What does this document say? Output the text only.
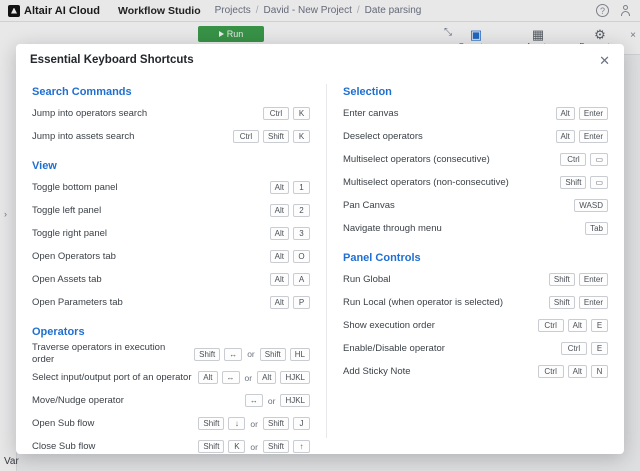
Altair AI Cloud Workflow Studio Projects / David - New Project / Date parsing	?
Run	⤡	▣	▦	⚙
›
Var
×
Essential Keyboard Shortcuts	✕
Search Commands
Jump into operators search	Ctrl	K
Jump into assets search	Ctrl	Shift	K
View
Toggle bottom panel	Alt	1
Toggle left panel	Alt	2
Toggle right panel	Alt	3
Open Operators tab	Alt	O
Open Assets tab	Alt	A
Open Parameters tab	Alt	P
Operators
Traverse operators in execution order	Shift	↔	or	Shift	HL
Select input/output port of an operator	Alt	↔	or	Alt	HJKL
Move/Nudge operator	↔	or	HJKL
Open Sub flow	Shift	↓	or	Shift	J
Close Sub flow	Shift	K	or	Shift	↑
Selection
Enter canvas	Alt	Enter
Deselect operators	Alt	Enter
Multiselect operators (consecutive)	Ctrl	▭
Multiselect operators (non-consecutive)	Shift	▭
Pan Canvas	WASD
Navigate through menu	Tab
Panel Controls
Run Global	Shift	Enter
Run Local (when operator is selected)	Shift	Enter
Show execution order	Ctrl	Alt	E
Enable/Disable operator	Ctrl	E
Add Sticky Note	Ctrl	Alt	N
